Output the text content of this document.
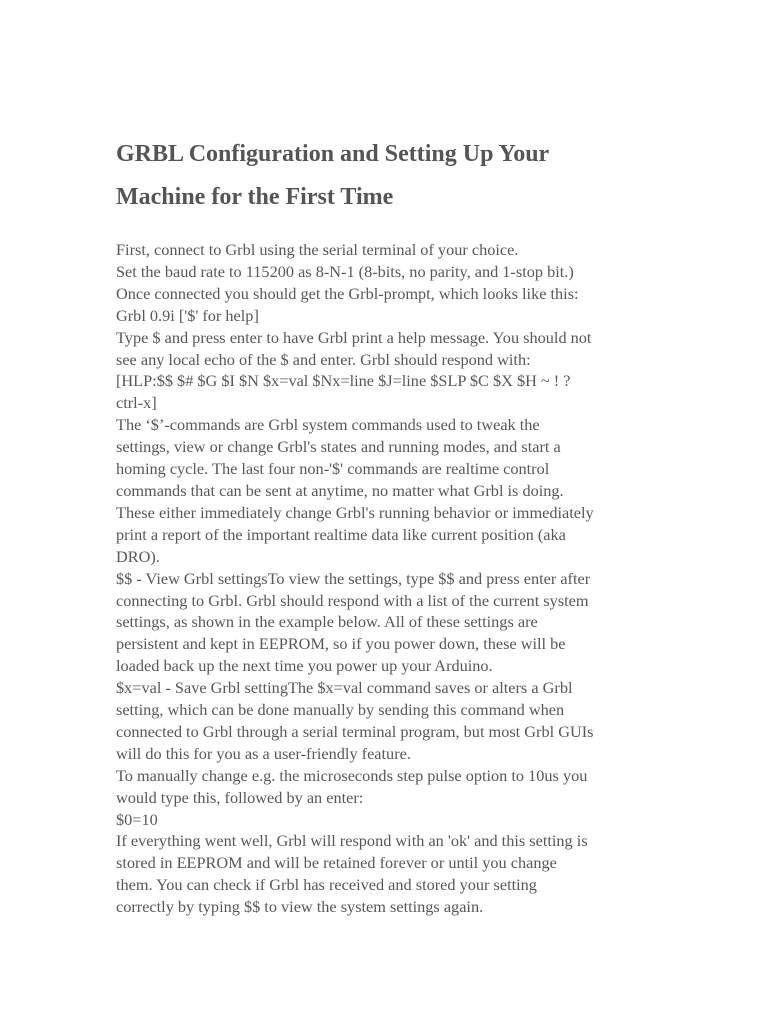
GRBL Configuration and Setting Up Your
Machine for the First Time
First, connect to Grbl using the serial terminal of your choice.
Set the baud rate to 115200 as 8-N-1 (8-bits, no parity, and 1-stop bit.)
Once connected you should get the Grbl-prompt, which looks like this:
Grbl 0.9i ['$' for help]
Type $ and press enter to have Grbl print a help message. You should not
see any local echo of the $ and enter. Grbl should respond with:
[HLP:$$ $# $G $I $N $x=val $Nx=line $J=line $SLP $C $X $H ~ ! ?
ctrl-x]
The ‘$’-commands are Grbl system commands used to tweak the
settings, view or change Grbl's states and running modes, and start a
homing cycle. The last four non-'$' commands are realtime control
commands that can be sent at anytime, no matter what Grbl is doing.
These either immediately change Grbl's running behavior or immediately
print a report of the important realtime data like current position (aka
DRO).
$$ - View Grbl settingsTo view the settings, type $$ and press enter after
connecting to Grbl. Grbl should respond with a list of the current system
settings, as shown in the example below. All of these settings are
persistent and kept in EEPROM, so if you power down, these will be
loaded back up the next time you power up your Arduino.
$x=val - Save Grbl settingThe $x=val command saves or alters a Grbl
setting, which can be done manually by sending this command when
connected to Grbl through a serial terminal program, but most Grbl GUIs
will do this for you as a user-friendly feature.
To manually change e.g. the microseconds step pulse option to 10us you
would type this, followed by an enter:
$0=10
If everything went well, Grbl will respond with an 'ok' and this setting is
stored in EEPROM and will be retained forever or until you change
them. You can check if Grbl has received and stored your setting
correctly by typing $$ to view the system settings again.
